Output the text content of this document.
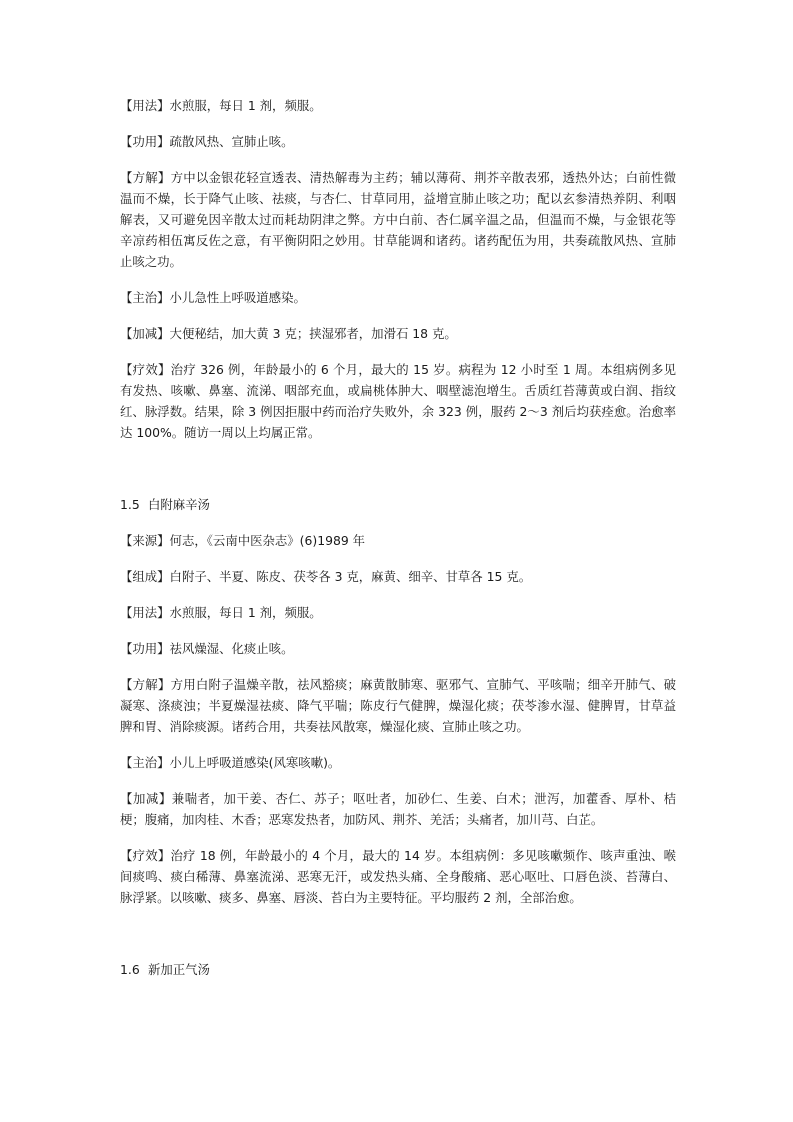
【用法】水煎服，每日 1 剂，频服。

【功用】疏散风热、宣肺止咳。

【方解】方中以金银花轻宣透表、清热解毒为主药；辅以薄荷、荆芥辛散表邪，透热外达；白前性微温而不燥，长于降气止咳、祛痰，与杏仁、甘草同用，益增宣肺止咳之功；配以玄参清热养阴、利咽解表，又可避免因辛散太过而耗劫阴津之弊。方中白前、杏仁属辛温之品，但温而不燥，与金银花等辛凉药相伍寓反佐之意，有平衡阴阳之妙用。甘草能调和诸药。诸药配伍为用，共奏疏散风热、宣肺止咳之功。

【主治】小儿急性上呼吸道感染。

【加减】大便秘结，加大黄 3 克；挟湿邪者，加滑石 18 克。

【疗效】治疗 326 例，年龄最小的 6 个月，最大的 15 岁。病程为 12 小时至 1 周。本组病例多见有发热、咳嗽、鼻塞、流涕、咽部充血，或扁桃体肿大、咽壁滤泡增生。舌质红苔薄黄或白润、指纹红、脉浮数。结果，除 3 例因拒服中药而治疗失败外，余 323 例，服药 2～3 剂后均获痊愈。治愈率达 100%。随访一周以上均属正常。

1.5 白附麻辛汤

【来源】何志，《云南中医杂志》(6)1989 年

【组成】白附子、半夏、陈皮、茯苓各 3 克，麻黄、细辛、甘草各 15 克。

【用法】水煎服，每日 1 剂，频服。

【功用】祛风燥湿、化痰止咳。

【方解】方用白附子温燥辛散，祛风豁痰；麻黄散肺寒、驱邪气、宣肺气、平咳喘；细辛开肺气、破凝寒、涤痰浊；半夏燥湿祛痰、降气平喘；陈皮行气健脾，燥湿化痰；茯苓渗水湿、健脾胃，甘草益脾和胃、消除痰源。诸药合用，共奏祛风散寒，燥湿化痰、宣肺止咳之功。

【主治】小儿上呼吸道感染(风寒咳嗽)。

【加减】兼喘者，加干姜、杏仁、苏子；呕吐者，加砂仁、生姜、白术；泄泻，加藿香、厚朴、桔梗；腹痛，加肉桂、木香；恶寒发热者，加防风、荆芥、羌活；头痛者，加川芎、白芷。

【疗效】治疗 18 例，年龄最小的 4 个月，最大的 14 岁。本组病例：多见咳嗽频作、咳声重浊、喉间痰鸣、痰白稀薄、鼻塞流涕、恶寒无汗，或发热头痛、全身酸痛、恶心呕吐、口唇色淡、苔薄白、脉浮紧。以咳嗽、痰多、鼻塞、唇淡、苔白为主要特征。平均服药 2 剂，全部治愈。

1.6 新加正气汤
